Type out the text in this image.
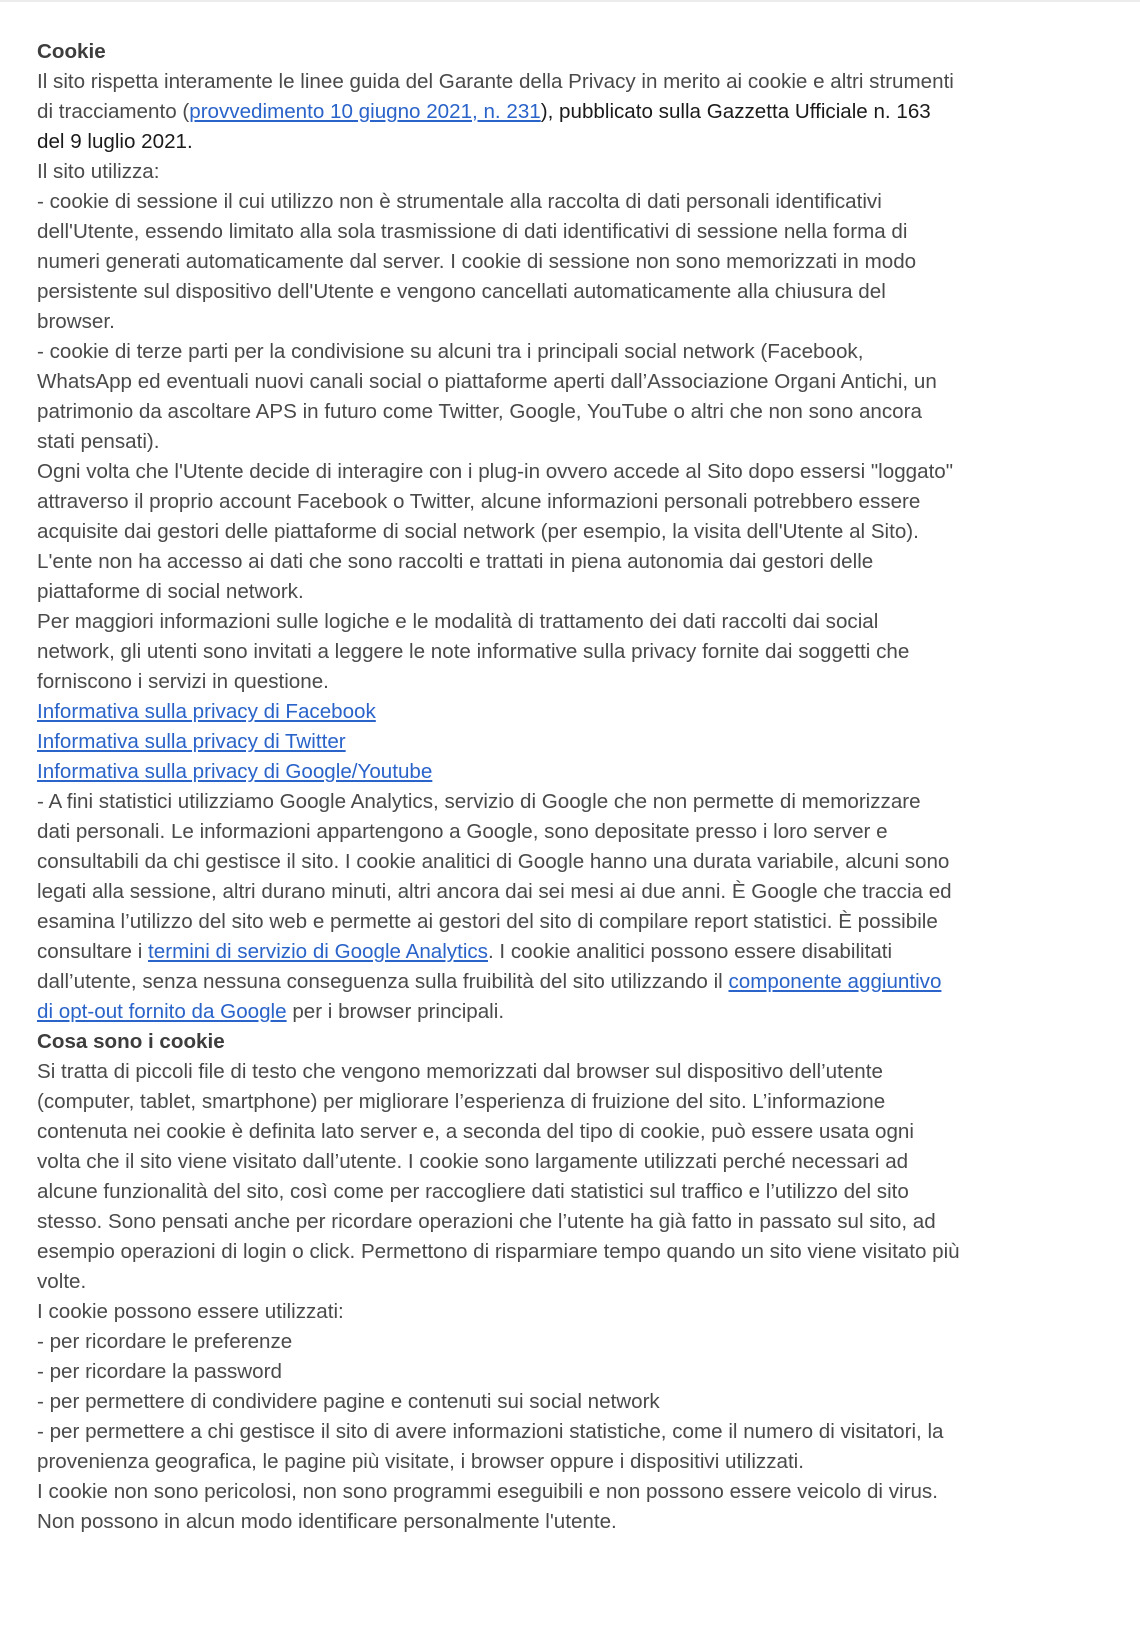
Cookie
Il sito rispetta interamente le linee guida del Garante della Privacy in merito ai cookie e altri strumenti
di tracciamento (provvedimento 10 giugno 2021, n. 231), pubblicato sulla Gazzetta Ufficiale n. 163
del 9 luglio 2021.
Il sito utilizza:
- cookie di sessione il cui utilizzo non è strumentale alla raccolta di dati personali identificativi
dell'Utente, essendo limitato alla sola trasmissione di dati identificativi di sessione nella forma di
numeri generati automaticamente dal server. I cookie di sessione non sono memorizzati in modo
persistente sul dispositivo dell'Utente e vengono cancellati automaticamente alla chiusura del
browser.
- cookie di terze parti per la condivisione su alcuni tra i principali social network (Facebook,
WhatsApp ed eventuali nuovi canali social o piattaforme aperti dall’Associazione Organi Antichi, un
patrimonio da ascoltare APS in futuro come Twitter, Google, YouTube o altri che non sono ancora
stati pensati).
Ogni volta che l'Utente decide di interagire con i plug-in ovvero accede al Sito dopo essersi "loggato"
attraverso il proprio account Facebook o Twitter, alcune informazioni personali potrebbero essere
acquisite dai gestori delle piattaforme di social network (per esempio, la visita dell'Utente al Sito).
L'ente non ha accesso ai dati che sono raccolti e trattati in piena autonomia dai gestori delle
piattaforme di social network.
Per maggiori informazioni sulle logiche e le modalità di trattamento dei dati raccolti dai social
network, gli utenti sono invitati a leggere le note informative sulla privacy fornite dai soggetti che
forniscono i servizi in questione.
Informativa sulla privacy di Facebook
Informativa sulla privacy di Twitter
Informativa sulla privacy di Google/Youtube
- A fini statistici utilizziamo Google Analytics, servizio di Google che non permette di memorizzare
dati personali. Le informazioni appartengono a Google, sono depositate presso i loro server e
consultabili da chi gestisce il sito. I cookie analitici di Google hanno una durata variabile, alcuni sono
legati alla sessione, altri durano minuti, altri ancora dai sei mesi ai due anni. È Google che traccia ed
esamina l’utilizzo del sito web e permette ai gestori del sito di compilare report statistici. È possibile
consultare i termini di servizio di Google Analytics. I cookie analitici possono essere disabilitati
dall’utente, senza nessuna conseguenza sulla fruibilità del sito utilizzando il componente aggiuntivo
di opt-out fornito da Google per i browser principali.
Cosa sono i cookie
Si tratta di piccoli file di testo che vengono memorizzati dal browser sul dispositivo dell’utente
(computer, tablet, smartphone) per migliorare l’esperienza di fruizione del sito. L’informazione
contenuta nei cookie è definita lato server e, a seconda del tipo di cookie, può essere usata ogni
volta che il sito viene visitato dall’utente. I cookie sono largamente utilizzati perché necessari ad
alcune funzionalità del sito, così come per raccogliere dati statistici sul traffico e l’utilizzo del sito
stesso. Sono pensati anche per ricordare operazioni che l’utente ha già fatto in passato sul sito, ad
esempio operazioni di login o click. Permettono di risparmiare tempo quando un sito viene visitato più
volte.
I cookie possono essere utilizzati:
- per ricordare le preferenze
- per ricordare la password
- per permettere di condividere pagine e contenuti sui social network
- per permettere a chi gestisce il sito di avere informazioni statistiche, come il numero di visitatori, la
provenienza geografica, le pagine più visitate, i browser oppure i dispositivi utilizzati.
I cookie non sono pericolosi, non sono programmi eseguibili e non possono essere veicolo di virus.
Non possono in alcun modo identificare personalmente l'utente.
